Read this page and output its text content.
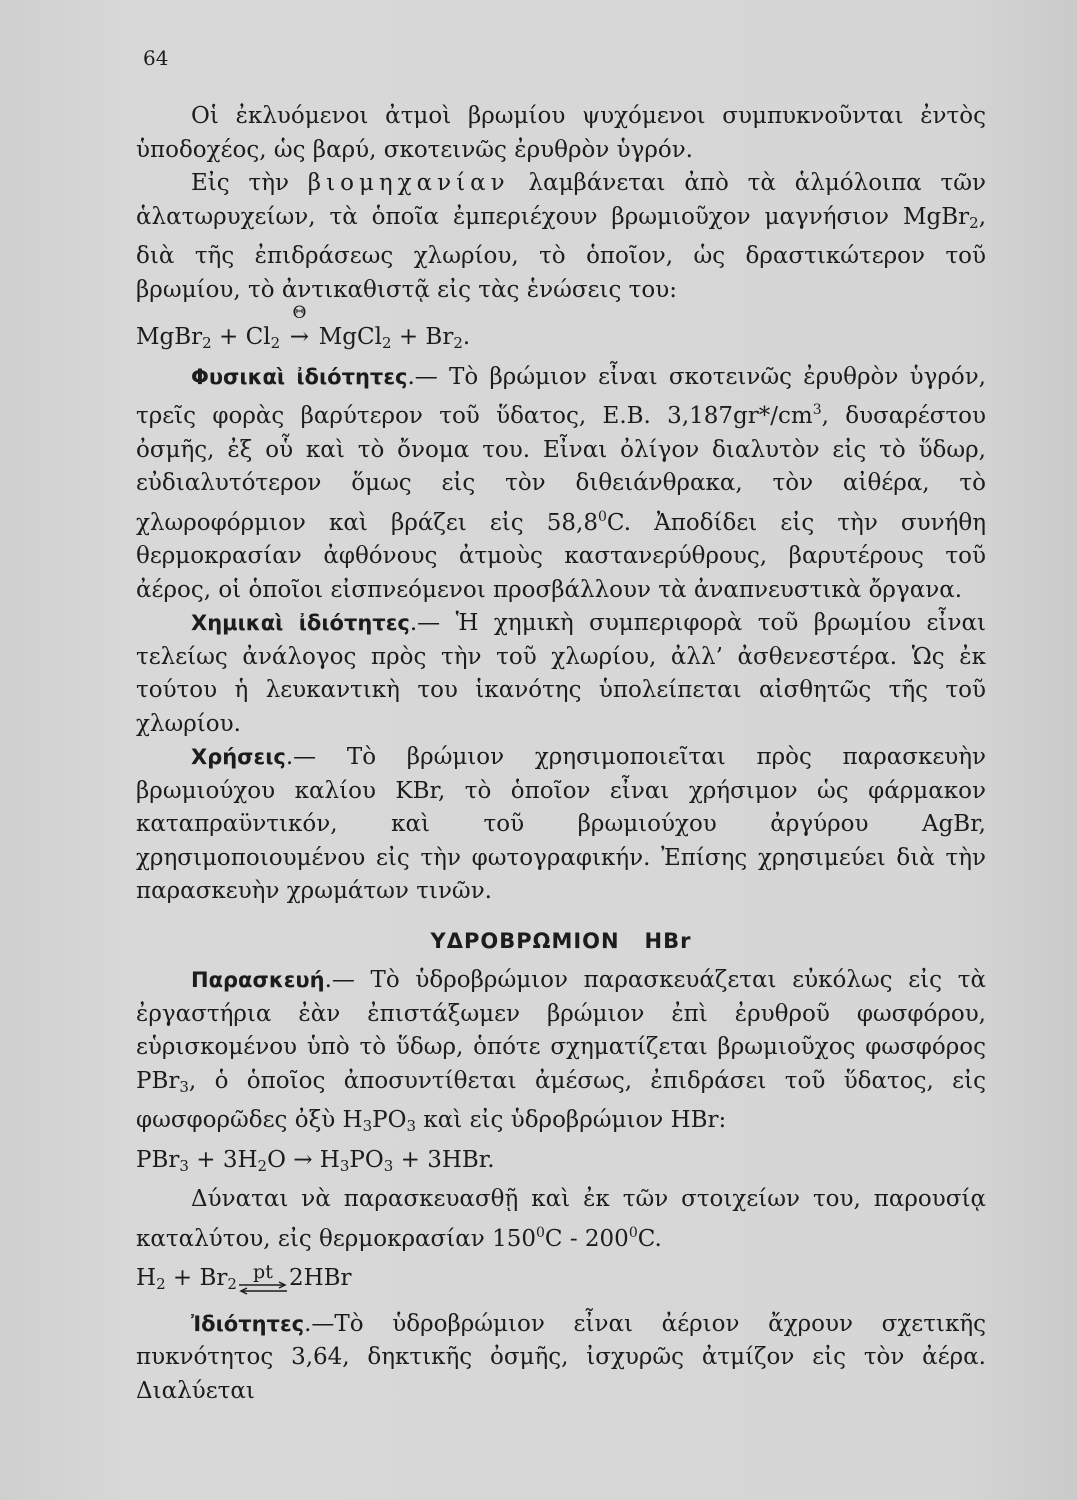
64

Οἱ ἐκλυόμενοι ἀτμοὶ βρωμίου ψυχόμενοι συμπυκνοῦνται ἐντὸς ὑποδοχέος, ὡς βαρύ, σκοτεινῶς ἐρυθρὸν ὑγρόν.

Εἰς τὴν βιομηχανίαν λαμβάνεται ἀπὸ τὰ ἁλμόλοιπα τῶν ἁλατωρυχείων, τὰ ὁποῖα ἐμπεριέχουν βρωμιοῦχον μαγνήσιον MgBr$_2$, διὰ τῆς ἐπιδράσεως χλωρίου, τὸ ὁποῖον, ὡς δραστικώτερον τοῦ βρωμίου, τὸ ἀντικαθιστᾷ εἰς τὰς ἑνώσεις του:

MgBr$_2$ + $Cl_2$
Θ
→ MgCl$_2$ + $Br_2$.

Φυσικαὶ ἰδιότητες.— Τὸ βρώμιον εἶναι σκοτεινῶς ἐρυθρὸν ὑγρόν, τρεῖς φορὰς βαρύτερον τοῦ ὕδατος, Ε.Β. $3,187gr*/cm^3$, δυσαρέστου ὀσμῆς, ἐξ οὗ καὶ τὸ ὄνομα του. Εἶναι ὀλίγον διαλυτὸν εἰς τὸ ὕδωρ, εὐδιαλυτότερον ὅμως εἰς τὸν διθειάνθρακα, τὸν αἰθέρα, τὸ χλωροφόρμιον καὶ βράζει εἰς 58,8$^0$C. Ἀποδίδει εἰς τὴν συνήθη θερμοκρασίαν ἀφθόνους ἀτμοὺς καστανερύθρους, βαρυτέρους τοῦ ἀέρος, οἱ ὁποῖοι εἰσπνεόμενοι προσβάλλουν τὰ ἀναπνευστικὰ ὄργανα.

Χημικαὶ ἰδιότητες.— Ἡ χημικὴ συμπεριφορὰ τοῦ βρωμίου εἶναι τελείως ἀνάλογος πρὸς τὴν τοῦ χλωρίου, ἀλλ’ ἀσθενεστέρα. Ὡς ἐκ τούτου ἡ λευκαντικὴ του ἱκανότης ὑπολείπεται αἰσθητῶς τῆς τοῦ χλωρίου.

Χρήσεις.— Τὸ βρώμιον χρησιμοποιεῖται πρὸς παρασκευὴν βρωμιούχου καλίου KBr, τὸ ὁποῖον εἶναι χρήσιμον ὡς φάρμακον καταπραϋντικόν, καὶ τοῦ βρωμιούχου ἀργύρου AgBr, χρησιμοποιουμένου εἰς τὴν φωτογραφικήν. Ἐπίσης χρησιμεύει διὰ τὴν παρασκευὴν χρωμάτων τινῶν.

ΥΔΡΟΒΡΩΜΙΟΝ   HBr

Παρασκευή.— Τὸ ὑδροβρώμιον παρασκευάζεται εὐκόλως εἰς τὰ ἐργαστήρια ἐὰν ἐπιστάξωμεν βρώμιον ἐπὶ ἐρυθροῦ φωσφόρου, εὑρισκομένου ὑπὸ τὸ ὕδωρ, ὁπότε σχηματίζεται βρωμιοῦχος φωσφόρος PBr$_3$, ὁ ὁποῖος ἀποσυντίθεται ἀμέσως, ἐπιδράσει τοῦ ὕδατος, εἰς φωσφορῶδες ὀξὺ $H_3PO_3$ καὶ εἰς ὑδροβρώμιον HBr:

$PBr_3 + 3H_2O \to H_3PO_3 + 3HBr$.

Δύναται νὰ παρασκευασθῇ καὶ ἐκ τῶν στοιχείων του, παρουσίᾳ καταλύτου, εἰς θερμοκρασίαν $150^0C - 200^0C$.

$H_2 + Br_2$
pt 2HBr

Ἰδιότητες.—Τὸ ὑδροβρώμιον εἶναι ἀέριον ἄχρουν σχετικῆς πυκνότητος 3,64, δηκτικῆς ὀσμῆς, ἰσχυρῶς ἀτμίζον εἰς τὸν ἀέρα. Διαλύεται
